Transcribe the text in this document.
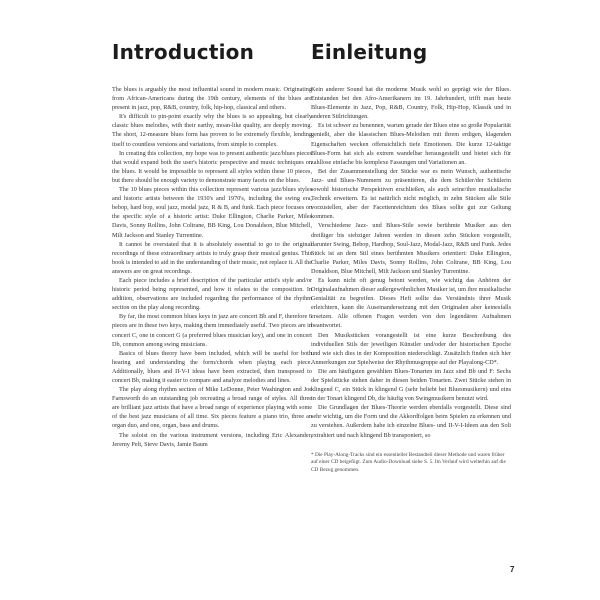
Introduction

The blues is arguably the most influential sound in modern music. Originating from African-Americans during the 19th century, elements of the blues are present in jazz, pop, R&B, country, folk, hip-hop, classical and others.

It's difficult to pin-point exactly why the blues is so appealing, but clearly classic blues melodies, with their earthy, moan-like quality, are deeply moving. The short, 12-measure blues form has proven to be extremely flexible, lending itself to countless versions and variations, from simple to complex.

In creating this collection, my hope was to present authentic jazz/blues pieces that would expand both the user's historic perspective and music techniques on the blues. It would be impossible to represent all styles within these 10 pieces, but there should be enough variety to demonstrate many facets on the blues.

The 10 blues pieces within this collection represent various jazz/blues styles and historic artists between the 1930's and 1970's, including the swing era, bebop, hard bop, soul jazz, modal jazz, R & B, and funk. Each piece focuses on the specific style of a historic artist: Duke Ellington, Charlie Parker, Miles Davis, Sonny Rollins, John Coltrane, BB King, Lou Donaldson, Blue Mitchell, Milt Jackson and Stanley Turrentine.

It cannot be overstated that it is absolutely essential to go to the original recordings of these extraordinary artists to truly grasp their musical genius. This book is intended to aid in the understanding of their music, not replace it. All the answers are on great recordings.

Each piece includes a brief description of the particular artist's style and/or historic period being represented, and how it relates to the composition. In addition, observations are included regarding the performance of the rhythm section on the play along recording.

By far, the most common blues keys in jazz are concert Bb and F, therefore 6 pieces are in these two keys, making them immediately useful. Two pieces are in concert C, one in concert G (a preferred blues musician key), and one in concert Db, common among swing musicians.

Basics of blues theory have been included, which will be useful for both hearing and understanding the form/chords when playing each piece. Additionally, blues and II-V-I ideas have been extracted, then transposed to concert Bb, making it easier to compare and analyze melodies and lines.

The play along rhythm section of Mike LeDonne, Peter Washington and Joe Farnsworth do an outstanding job recreating a broad range of styles. All three are brilliant jazz artists that have a broad range of experience playing with some of the best jazz musicians of all time. Six pieces feature a piano trio, three an organ duo, and one, organ, bass and drums.

The soloist on the various instrument versions, including Eric Alexander, Jeremy Pelt, Steve Davis, Jamie Baum

Einleitung

Kein anderer Sound hat die moderne Musik wohl so geprägt wie der Blues. Entstanden bei den Afro-Amerikanern im 19. Jahrhundert, trifft man heute Blues-Elemente in Jazz, Pop, R&B, Country, Folk, Hip-Hop, Klassik und in anderen Stilrichtungen.

Es ist schwer zu benennen, warum gerade der Blues eine so große Popularität genießt, aber die klassischen Blues-Melodien mit ihrem erdigen, klagenden Eigenschaften wecken offensichtlich tiefe Emotionen. Die kurze 12-taktige Blues-Form hat sich als extrem wandelbar herausgestellt und bietet sich für zahllose einfache bis komplexe Fassungen und Variationen an.

Bei der Zusammenstellung der Stücke war es mein Wunsch, authentische Jazz- und Blues-Nummern zu präsentieren, die dem Schüler/der Schülerin sowohl historische Perspektiven erschließen, als auch seine/ihre musikalische Technik erweitern. Es ist natürlich nicht möglich, in zehn Stücken alle Stile vorzustellen, aber der Facettenreichtum des Blues sollte gut zur Geltung kommen.

Verschiedene Jazz- und Blues-Stile sowie berühmte Musiker aus den dreißiger bis siebziger Jahren werden in diesen zehn Stücken vorgestellt, darunter Swing, Bebop, Hardbop, Soul-Jazz, Modal-Jazz, R&B und Funk. Jedes Stück ist an dem Stil eines berühmten Musikers orientiert: Duke Ellington, Charlie Parker, Miles Davis, Sonny Rollins, John Coltrane, BB King, Lou Donaldson, Blue Mitchell, Milt Jackson und Stanley Turrentine.

Es kann nicht oft genug betont werden, wie wichtig das Anhören der Originalaufnahmen dieser außergewöhnlichen Musiker ist, um ihre musikalische Genialität zu begreifen. Dieses Heft sollte das Verständnis ihrer Musik erleichtern, kann die Auseinandersetzung mit den Originalen aber keinesfalls ersetzen. Alle offenen Fragen werden von den legendären Aufnahmen beantwortet.

Den Musikstücken vorangestellt ist eine kurze Beschreibung des individuellen Stils der jeweiligen Künstler und/oder der historischen Epoche und wie sich dies in der Komposition niederschlägt. Zusätzlich finden sich hier Anmerkungen zur Spielweise der Rhythmusgruppe auf der Playalong-CD*.

Die am häufigsten gewählten Blues-Tonarten im Jazz sind Bb und F: Sechs der Spielstücke stehen daher in diesen beiden Tonarten. Zwei Stücke stehen in klingend C, ein Stück in klingend G (sehr beliebt bei Bluesmusikern) und eins in der Tonart klingend Db, die häufig von Swingmusikern benutzt wird.

Die Grundlagen der Blues-Theorie werden ebenfalls vorgestellt. Diese sind sehr wichtig, um die Form und die Akkordfolgen beim Spielen zu erkennen und zu verstehen. Außerdem habe ich einzelne Blues- und II-V-I-Ideen aus den Soli extrahiert und nach klingend Bb transponiert, so

* Die Play-Along-Tracks sind ein essentieller Bestandteil dieser Methode und waren früher auf einer CD beigefügt. Zum Audio-Download siehe S. 5. Im Verlauf wird weiterhin auf die CD Bezug genommen.
7
